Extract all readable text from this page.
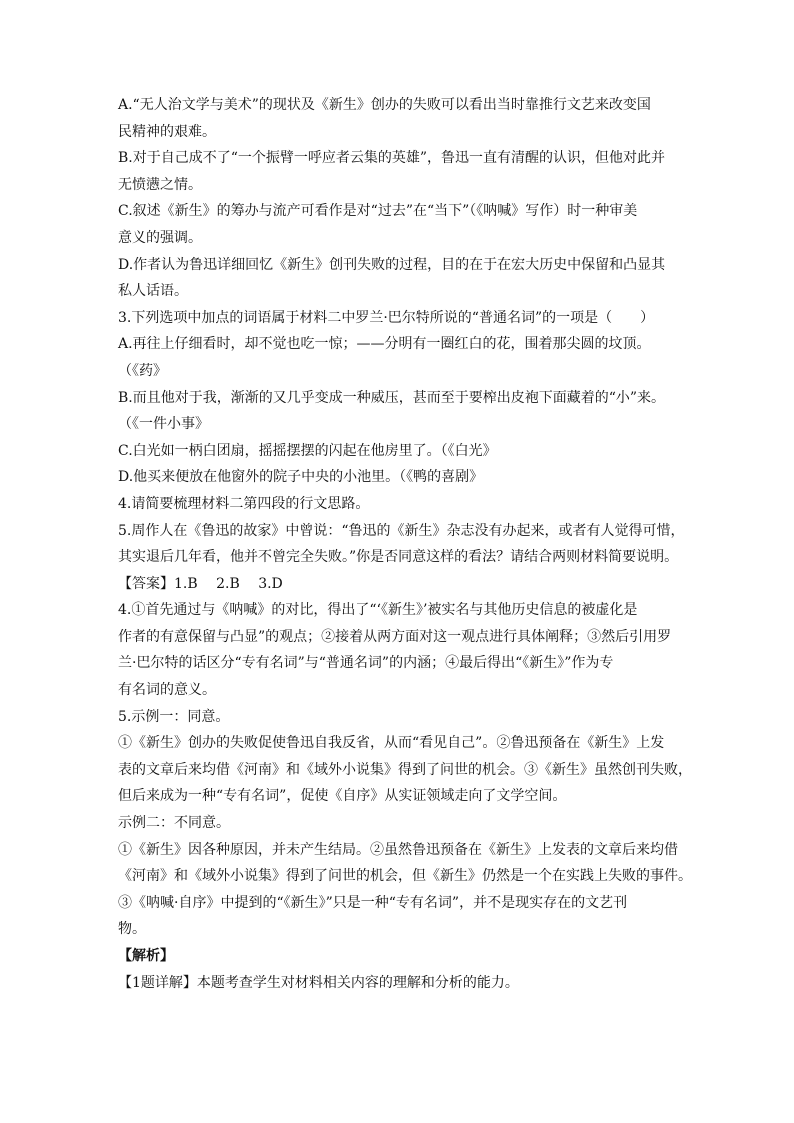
A.“无人治文学与美术”的现状及《新生》创办的失败可以看出当时靠推行文艺来改变国
民精神的艰难。
B.对于自己成不了“一个振臂一呼应者云集的英雄”，鲁迅一直有清醒的认识，但他对此并
无愤懑之情。
C.叙述《新生》的筹办与流产可看作是对“过去”在“当下”（《呐喊》写作）时一种审美
意义的强调。
D.作者认为鲁迅详细回忆《新生》创刊失败的过程，目的在于在宏大历史中保留和凸显其
私人话语。
3.下列选项中加点的词语属于材料二中罗兰·巴尔特所说的“普通名词”的一项是（　　）
A.再往上仔细看时，却不觉也吃一惊；——分明有一圈红白的花，围着那尖圆的坟顶。
（《药》
B.而且他对于我，渐渐的又几乎变成一种威压，甚而至于要榨出皮袍下面藏着的“小”来。
（《一件小事》
C.白光如一柄白团扇，摇摇摆摆的闪起在他房里了。（《白光》
D.他买来便放在他窗外的院子中央的小池里。（《鸭的喜剧》
4.请简要梳理材料二第四段的行文思路。
5.周作人在《鲁迅的故家》中曾说：“鲁迅的《新生》杂志没有办起来，或者有人觉得可惜，
其实退后几年看，他并不曾完全失败。”你是否同意这样的看法？请结合两则材料简要说明。
【答案】1.B　 2.B　 3.D
4.①首先通过与《呐喊》的对比，得出了“‘《新生》’被实名与其他历史信息的被虚化是
作者的有意保留与凸显”的观点；②接着从两方面对这一观点进行具体阐释；③然后引用罗
兰·巴尔特的话区分“专有名词”与“普通名词”的内涵；④最后得出“《新生》”作为专
有名词的意义。
5.示例一：同意。
①《新生》创办的失败促使鲁迅自我反省，从而“看见自己”。②鲁迅预备在《新生》上发
表的文章后来均借《河南》和《域外小说集》得到了问世的机会。③《新生》虽然创刊失败，
但后来成为一种“专有名词”，促使《自序》从实证领域走向了文学空间。
示例二：不同意。
①《新生》因各种原因，并未产生结局。②虽然鲁迅预备在《新生》上发表的文章后来均借
《河南》和《域外小说集》得到了问世的机会，但《新生》仍然是一个在实践上失败的事件。
③《呐喊·自序》中提到的“《新生》”只是一种“专有名词”，并不是现实存在的文艺刊
物。
【解析】
【1题详解】本题考查学生对材料相关内容的理解和分析的能力。
